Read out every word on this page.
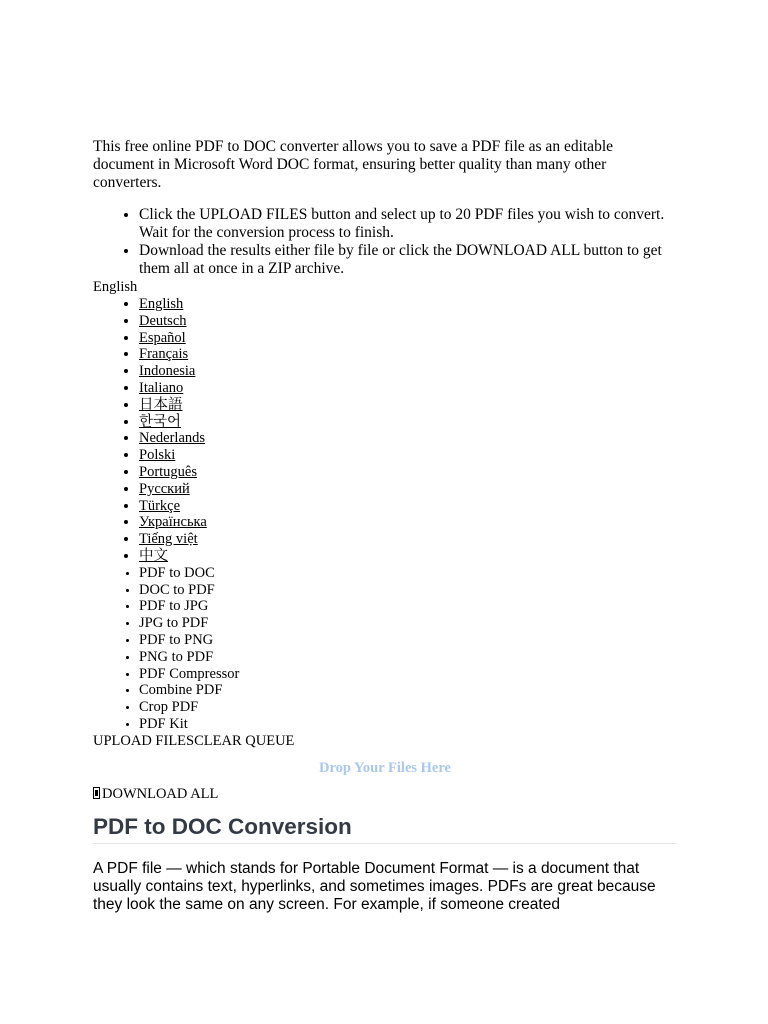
This free online PDF to DOC converter allows you to save a PDF file as an editable document in Microsoft Word DOC format, ensuring better quality than many other converters.

• Click the UPLOAD FILES button and select up to 20 PDF files you wish to convert. Wait for the conversion process to finish.
• Download the results either file by file or click the DOWNLOAD ALL button to get them all at once in a ZIP archive.
English
• English
• Deutsch
• Español
• Français
• Indonesia
• Italiano
• 日本語
• 한국어
• Nederlands
• Polski
• Português
• Русский
• Türkçe
• Українська
• Tiếng việt
• 中文
• PDF to DOC
• DOC to PDF
• PDF to JPG
• JPG to PDF
• PDF to PNG
• PNG to PDF
• PDF Compressor
• Combine PDF
• Crop PDF
• PDF Kit
UPLOAD FILESCLEAR QUEUE
Drop Your Files Here
DOWNLOAD ALL
PDF to DOC Conversion

A PDF file — which stands for Portable Document Format — is a document that usually contains text, hyperlinks, and sometimes images. PDFs are great because they look the same on any screen. For example, if someone created
